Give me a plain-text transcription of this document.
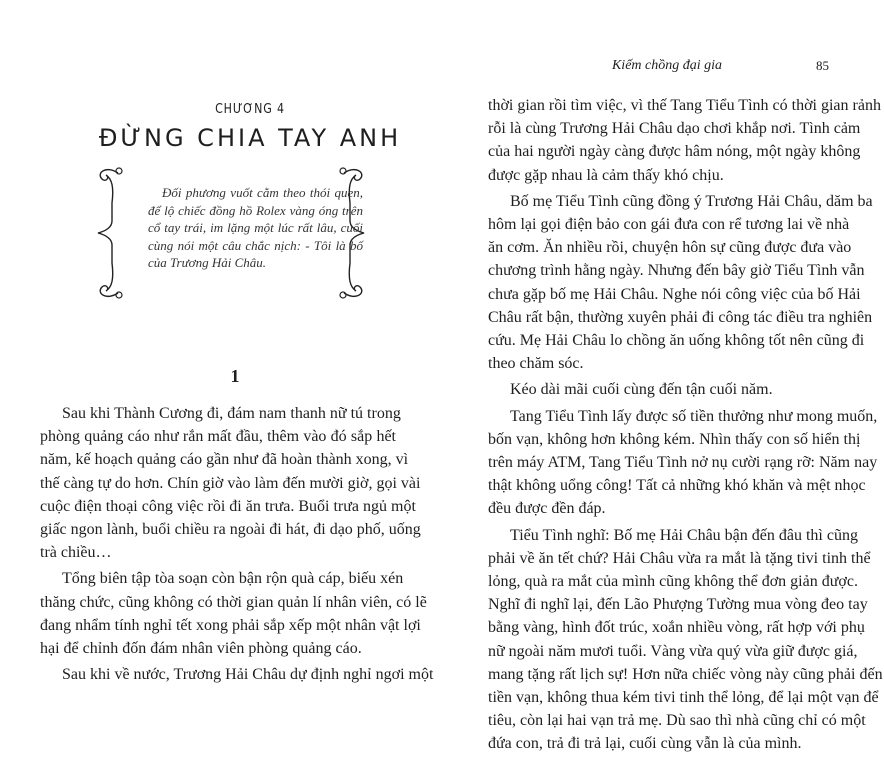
CHƯƠNG 4
ĐỪNG CHIA TAY ANH
Đối phương vuốt cằm theo thói quen,
để lộ chiếc đồng hồ Rolex vàng óng trên
cổ tay trái, im lặng một lúc rất lâu, cuối
cùng nói một câu chắc nịch: - Tôi là bố
của Trương Hải Châu.
1
Sau khi Thành Cương đi, đám nam thanh nữ tú trong
phòng quảng cáo như rắn mất đầu, thêm vào đó sắp hết
năm, kế hoạch quảng cáo gần như đã hoàn thành xong, vì
thế càng tự do hơn. Chín giờ vào làm đến mười giờ, gọi vài
cuộc điện thoại công việc rồi đi ăn trưa. Buổi trưa ngủ một
giấc ngon lành, buổi chiều ra ngoài đi hát, đi dạo phố, uống
trà chiều…
Tổng biên tập tòa soạn còn bận rộn quà cáp, biếu xén
thăng chức, cũng không có thời gian quản lí nhân viên, có lẽ
đang nhẩm tính nghỉ tết xong phải sắp xếp một nhân vật lợi
hại để chỉnh đốn đám nhân viên phòng quảng cáo.
Sau khi về nước, Trương Hải Châu dự định nghỉ ngơi một
Kiếm chồng đại gia	85
thời gian rồi tìm việc, vì thế Tang Tiểu Tình có thời gian rảnh
rỗi là cùng Trương Hải Châu dạo chơi khắp nơi. Tình cảm
của hai người ngày càng được hâm nóng, một ngày không
được gặp nhau là cảm thấy khó chịu.
Bố mẹ Tiểu Tình cũng đồng ý Trương Hải Châu, dăm ba
hôm lại gọi điện bảo con gái đưa con rể tương lai về nhà
ăn cơm. Ăn nhiều rồi, chuyện hôn sự cũng được đưa vào
chương trình hằng ngày. Nhưng đến bây giờ Tiểu Tình vẫn
chưa gặp bố mẹ Hải Châu. Nghe nói công việc của bố Hải
Châu rất bận, thường xuyên phải đi công tác điều tra nghiên
cứu. Mẹ Hải Châu lo chồng ăn uống không tốt nên cũng đi
theo chăm sóc.
Kéo dài mãi cuối cùng đến tận cuối năm.
Tang Tiểu Tình lấy được số tiền thưởng như mong muốn,
bốn vạn, không hơn không kém. Nhìn thấy con số hiển thị
trên máy ATM, Tang Tiểu Tình nở nụ cười rạng rỡ: Năm nay
thật không uổng công! Tất cả những khó khăn và mệt nhọc
đều được đền đáp.
Tiểu Tình nghĩ: Bố mẹ Hải Châu bận đến đâu thì cũng
phải về ăn tết chứ? Hải Châu vừa ra mắt là tặng tivi tinh thể
lỏng, quà ra mắt của mình cũng không thể đơn giản được.
Nghĩ đi nghĩ lại, đến Lão Phượng Tường mua vòng đeo tay
bằng vàng, hình đốt trúc, xoắn nhiều vòng, rất hợp với phụ
nữ ngoài năm mươi tuổi. Vàng vừa quý vừa giữ được giá,
mang tặng rất lịch sự! Hơn nữa chiếc vòng này cũng phải đến
tiền vạn, không thua kém tivi tinh thể lỏng, để lại một vạn để
tiêu, còn lại hai vạn trả mẹ. Dù sao thì nhà cũng chỉ có một
đứa con, trả đi trả lại, cuối cùng vẫn là của mình.
